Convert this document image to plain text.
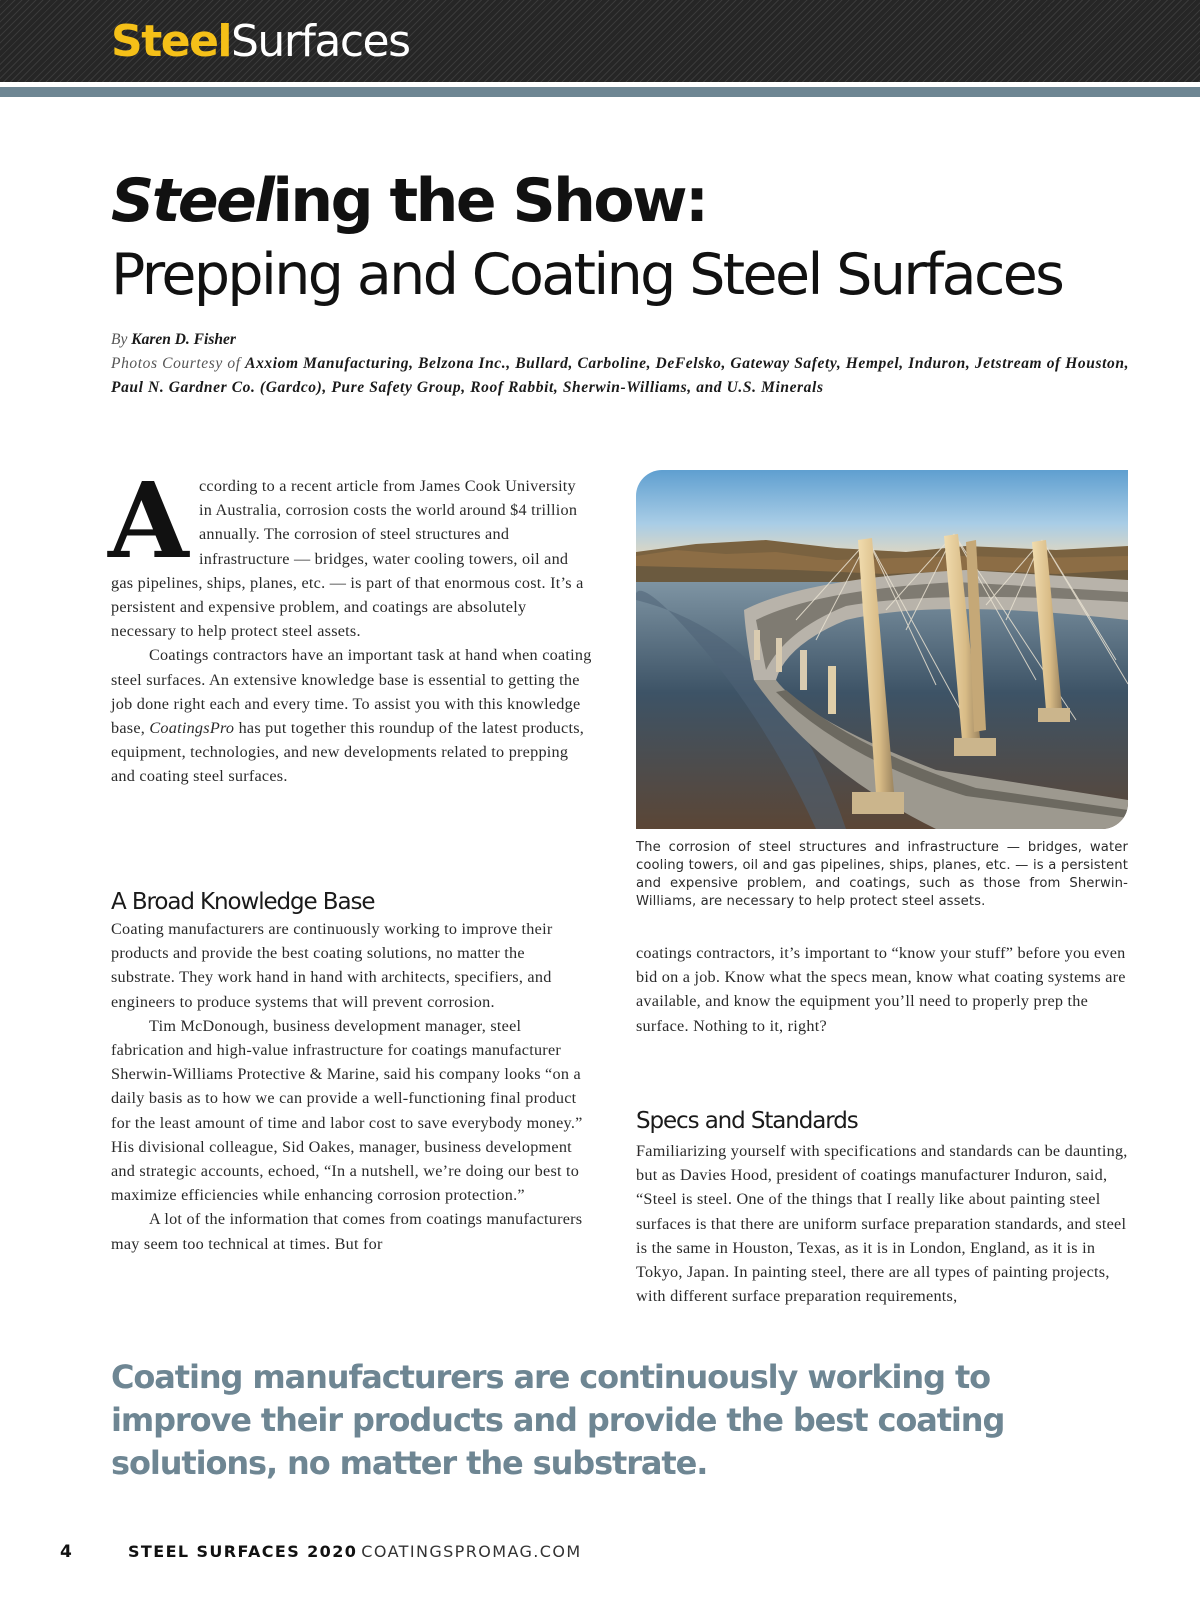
SteelSurfaces
Steeling the Show:
Prepping and Coating Steel Surfaces
By Karen D. Fisher
Photos Courtesy of Axxiom Manufacturing, Belzona Inc., Bullard, Carboline, DeFelsko, Gateway Safety, Hempel, Induron, Jetstream of Houston, Paul N. Gardner Co. (Gardco), Pure Safety Group, Roof Rabbit, Sherwin-Williams, and U.S. Minerals

According to a recent article from James Cook University in Australia, corrosion costs the world around $4 trillion annually. The corrosion of steel structures and infrastructure — bridges, water cooling towers, oil and gas pipelines, ships, planes, etc. — is part of that enormous cost. It’s a persistent and expensive problem, and coatings are absolutely necessary to help protect steel assets.

Coatings contractors have an important task at hand when coating steel surfaces. An extensive knowledge base is essential to getting the job done right each and every time. To assist you with this knowledge base, CoatingsPro has put together this roundup of the latest products, equipment, technologies, and new developments related to prepping and coating steel surfaces.

A Broad Knowledge Base

Coating manufacturers are continuously working to improve their products and provide the best coating solutions, no matter the substrate. They work hand in hand with architects, specifiers, and engineers to produce systems that will prevent corrosion.

Tim McDonough, business development manager, steel fabrication and high-value infrastructure for coatings manufacturer Sherwin-Williams Protective & Marine, said his company looks “on a daily basis as to how we can provide a well-functioning final product for the least amount of time and labor cost to save everybody money.” His divisional colleague, Sid Oakes, manager, business development and strategic accounts, echoed, “In a nutshell, we’re doing our best to maximize efficiencies while enhancing corrosion protection.”

A lot of the information that comes from coatings manufacturers may seem too technical at times. But for

The corrosion of steel structures and infrastructure — bridges, water cooling towers, oil and gas pipelines, ships, planes, etc. — is a persistent and expensive problem, and coatings, such as those from Sherwin-Williams, are necessary to help protect steel assets.

coatings contractors, it’s important to “know your stuff” before you even bid on a job. Know what the specs mean, know what coating systems are available, and know the equipment you’ll need to properly prep the surface. Nothing to it, right?

Specs and Standards

Familiarizing yourself with specifications and standards can be daunting, but as Davies Hood, president of coatings manufacturer Induron, said, “Steel is steel. One of the things that I really like about painting steel surfaces is that there are uniform surface preparation standards, and steel is the same in Houston, Texas, as it is in London, England, as it is in Tokyo, Japan. In painting steel, there are all types of painting projects, with different surface preparation requirements,

Coating manufacturers are continuously working to improve their products and provide the best coating solutions, no matter the substrate.
4	STEEL SURFACES 2020 COATINGSPROMAG.COM
